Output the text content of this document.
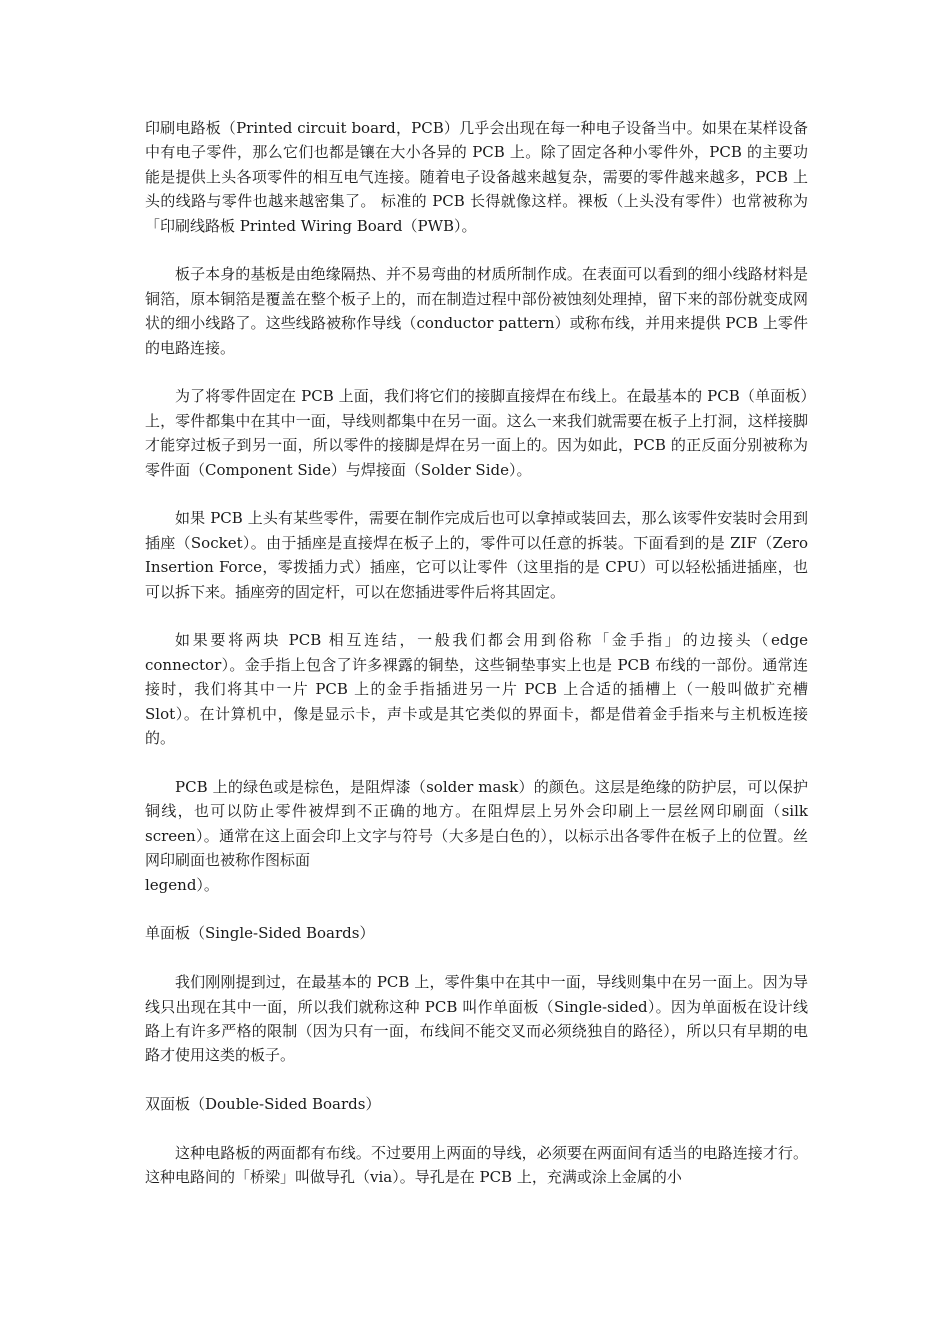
印刷电路板（Printed circuit board，PCB）几乎会出现在每一种电子设备当中。如果在某样设备中有电子零件，那么它们也都是镶在大小各异的 PCB 上。除了固定各种小零件外，PCB 的主要功能是提供上头各项零件的相互电气连接。随着电子设备越来越复杂，需要的零件越来越多，PCB 上头的线路与零件也越来越密集了。 标准的 PCB 长得就像这样。裸板（上头没有零件）也常被称为「印刷线路板 Printed Wiring Board（PWB）。

板子本身的基板是由绝缘隔热、并不易弯曲的材质所制作成。在表面可以看到的细小线路材料是铜箔，原本铜箔是覆盖在整个板子上的，而在制造过程中部份被蚀刻处理掉，留下来的部份就变成网状的细小线路了。这些线路被称作导线（conductor pattern）或称布线，并用来提供 PCB 上零件的电路连接。

为了将零件固定在 PCB 上面，我们将它们的接脚直接焊在布线上。在最基本的 PCB（单面板）上，零件都集中在其中一面，导线则都集中在另一面。这么一来我们就需要在板子上打洞，这样接脚才能穿过板子到另一面，所以零件的接脚是焊在另一面上的。因为如此，PCB 的正反面分别被称为零件面（Component Side）与焊接面（Solder Side）。

如果 PCB 上头有某些零件，需要在制作完成后也可以拿掉或装回去，那么该零件安装时会用到插座（Socket）。由于插座是直接焊在板子上的，零件可以任意的拆装。下面看到的是 ZIF（Zero Insertion Force，零拨插力式）插座，它可以让零件（这里指的是 CPU）可以轻松插进插座，也可以拆下来。插座旁的固定杆，可以在您插进零件后将其固定。

如果要将两块 PCB 相互连结，一般我们都会用到俗称「金手指」的边接头（edge connector）。金手指上包含了许多裸露的铜垫，这些铜垫事实上也是 PCB 布线的一部份。通常连接时，我们将其中一片 PCB 上的金手指插进另一片 PCB 上合适的插槽上（一般叫做扩充槽 Slot）。在计算机中，像是显示卡，声卡或是其它类似的界面卡，都是借着金手指来与主机板连接的。

PCB 上的绿色或是棕色，是阻焊漆（solder mask）的颜色。这层是绝缘的防护层，可以保护铜线，也可以防止零件被焊到不正确的地方。在阻焊层上另外会印刷上一层丝网印刷面（silk screen）。通常在这上面会印上文字与符号（大多是白色的），以标示出各零件在板子上的位置。丝网印刷面也被称作图标面

legend）。

单面板（Single-Sided Boards）

我们刚刚提到过，在最基本的 PCB 上，零件集中在其中一面，导线则集中在另一面上。因为导线只出现在其中一面，所以我们就称这种 PCB 叫作单面板（Single-sided）。因为单面板在设计线路上有许多严格的限制（因为只有一面，布线间不能交叉而必须绕独自的路径），所以只有早期的电路才使用这类的板子。

双面板（Double-Sided Boards）

这种电路板的两面都有布线。不过要用上两面的导线，必须要在两面间有适当的电路连接才行。这种电路间的「桥梁」叫做导孔（via）。导孔是在 PCB 上，充满或涂上金属的小
